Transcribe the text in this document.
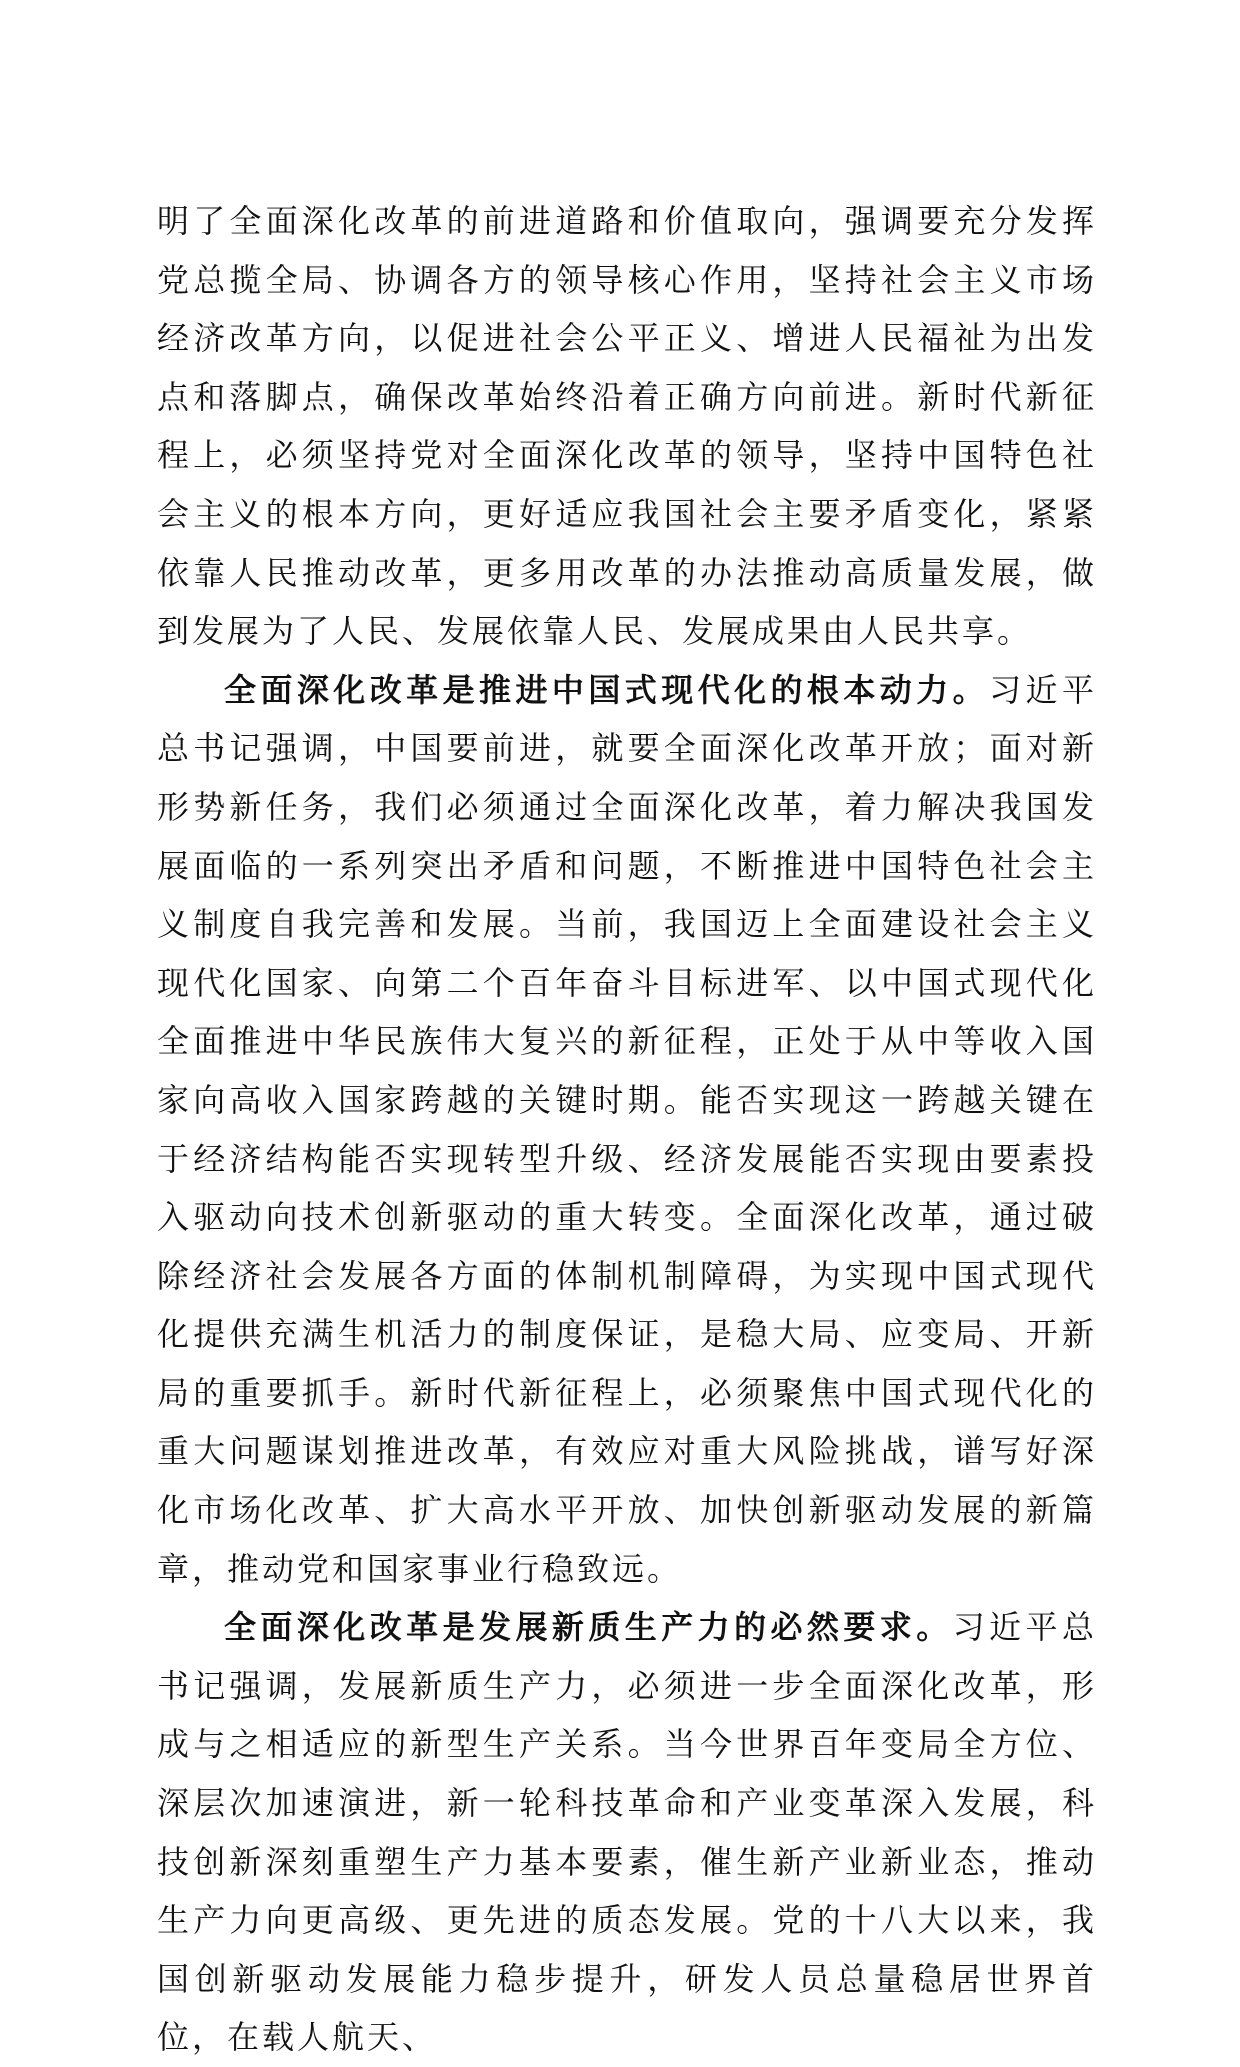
明了全面深化改革的前进道路和价值取向，强调要充分发挥党总揽全局、协调各方的领导核心作用，坚持社会主义市场经济改革方向，以促进社会公平正义、增进人民福祉为出发点和落脚点，确保改革始终沿着正确方向前进。新时代新征程上，必须坚持党对全面深化改革的领导，坚持中国特色社会主义的根本方向，更好适应我国社会主要矛盾变化，紧紧依靠人民推动改革，更多用改革的办法推动高质量发展，做到发展为了人民、发展依靠人民、发展成果由人民共享。

全面深化改革是推进中国式现代化的根本动力。习近平总书记强调，中国要前进，就要全面深化改革开放；面对新形势新任务，我们必须通过全面深化改革，着力解决我国发展面临的一系列突出矛盾和问题，不断推进中国特色社会主义制度自我完善和发展。当前，我国迈上全面建设社会主义现代化国家、向第二个百年奋斗目标进军、以中国式现代化全面推进中华民族伟大复兴的新征程，正处于从中等收入国家向高收入国家跨越的关键时期。能否实现这一跨越关键在于经济结构能否实现转型升级、经济发展能否实现由要素投入驱动向技术创新驱动的重大转变。全面深化改革，通过破除经济社会发展各方面的体制机制障碍，为实现中国式现代化提供充满生机活力的制度保证，是稳大局、应变局、开新局的重要抓手。新时代新征程上，必须聚焦中国式现代化的重大问题谋划推进改革，有效应对重大风险挑战，谱写好深化市场化改革、扩大高水平开放、加快创新驱动发展的新篇章，推动党和国家事业行稳致远。

全面深化改革是发展新质生产力的必然要求。习近平总书记强调，发展新质生产力，必须进一步全面深化改革，形成与之相适应的新型生产关系。当今世界百年变局全方位、深层次加速演进，新一轮科技革命和产业变革深入发展，科技创新深刻重塑生产力基本要素，催生新产业新业态，推动生产力向更高级、更先进的质态发展。党的十八大以来，我国创新驱动发展能力稳步提升，研发人员总量稳居世界首位，在载人航天、
